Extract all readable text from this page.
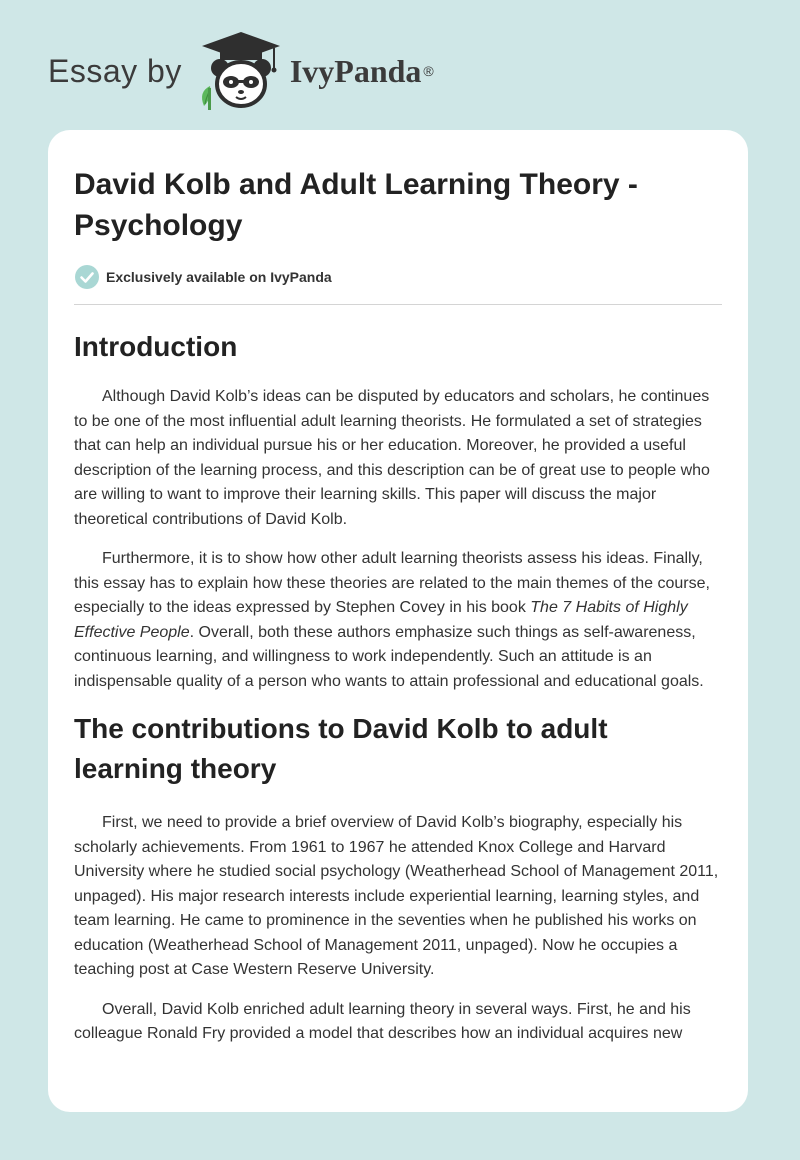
Essay by	IvyPanda ®
David Kolb and Adult Learning Theory - Psychology
Exclusively available on IvyPanda
Introduction

Although David Kolb’s ideas can be disputed by educators and scholars, he continues to be one of the most influential adult learning theorists. He formulated a set of strategies that can help an individual pursue his or her education. Moreover, he provided a useful description of the learning process, and this description can be of great use to people who are willing to want to improve their learning skills. This paper will discuss the major theoretical contributions of David Kolb.

Furthermore, it is to show how other adult learning theorists assess his ideas. Finally, this essay has to explain how these theories are related to the main themes of the course, especially to the ideas expressed by Stephen Covey in his book The 7 Habits of Highly Effective People. Overall, both these authors emphasize such things as self-awareness, continuous learning, and willingness to work independently. Such an attitude is an indispensable quality of a person who wants to attain professional and educational goals.

The contributions to David Kolb to adult learning theory

First, we need to provide a brief overview of David Kolb’s biography, especially his scholarly achievements. From 1961 to 1967 he attended Knox College and Harvard University where he studied social psychology (Weatherhead School of Management 2011, unpaged). His major research interests include experiential learning, learning styles, and team learning. He came to prominence in the seventies when he published his works on education (Weatherhead School of Management 2011, unpaged). Now he occupies a teaching post at Case Western Reserve University.

Overall, David Kolb enriched adult learning theory in several ways. First, he and his colleague Ronald Fry provided a model that describes how an individual acquires new
